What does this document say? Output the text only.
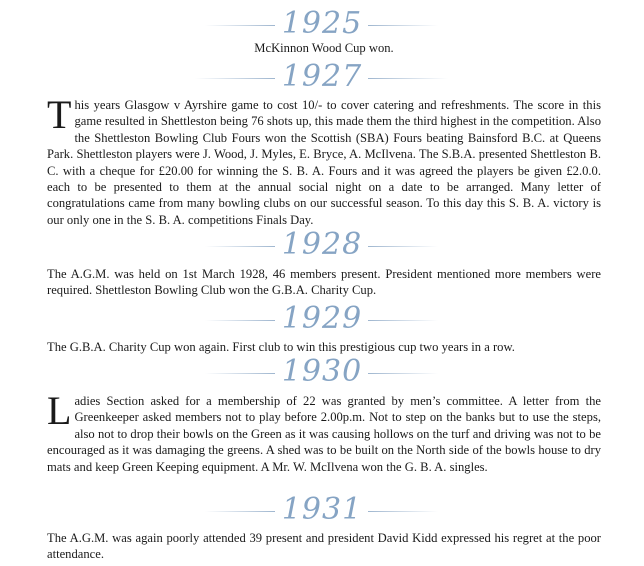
1925

McKinnon Wood Cup won.

1927

This years Glasgow v Ayrshire game to cost 10/- to cover catering and refreshments. The score in this game resulted in Shettleston being 76 shots up, this made them the third highest in the competition. Also the Shettleston Bowling Club Fours won the Scottish (SBA) Fours beating Bainsford B.C. at Queens Park. Shettleston players were J. Wood, J. Myles, E. Bryce, A. McIlvena. The S.B.A. presented Shettleston B. C. with a cheque for £20.00 for winning the S. B. A. Fours and it was agreed the players be given £2.0.0. each to be presented to them at the annual social night on a date to be arranged. Many letter of congratulations came from many bowling clubs on our successful season. To this day this S. B. A. victory is our only one in the S. B. A. competitions Finals Day.

1928

The A.G.M. was held on 1st March 1928, 46 members present. President mentioned more members were required. Shettleston Bowling Club won the G.B.A. Charity Cup.

1929

The G.B.A. Charity Cup won again. First club to win this prestigious cup two years in a row.

1930

Ladies Section asked for a membership of 22 was granted by men’s committee. A letter from the Greenkeeper asked members not to play before 2.00p.m. Not to step on the banks but to use the steps, also not to drop their bowls on the Green as it was causing hollows on the turf and driving was not to be encouraged as it was damaging the greens. A shed was to be built on the North side of the bowls house to dry mats and keep Green Keeping equipment. A Mr. W. McIlvena won the G. B. A. singles.

1931

The A.G.M. was again poorly attended 39 present and president David Kidd expressed his regret at the poor attendance.
